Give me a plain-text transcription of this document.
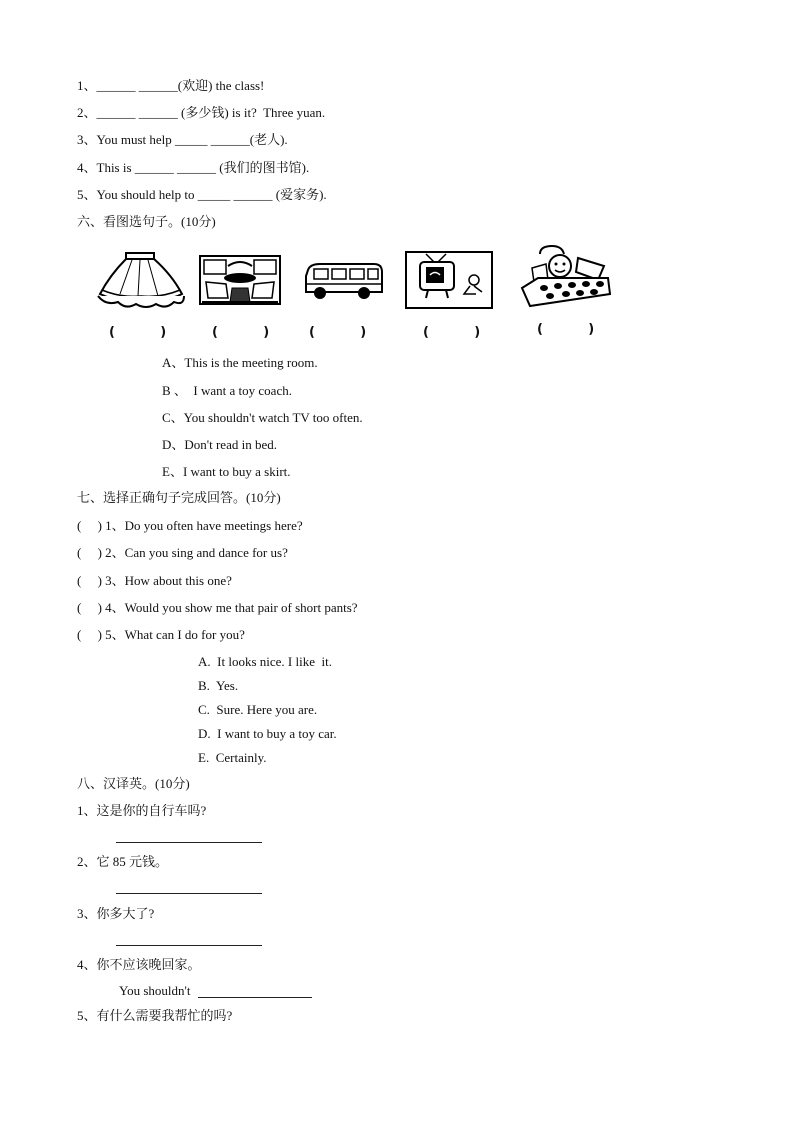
1、______ ______(欢迎) the class!
2、______ ______ (多少钱) is it?  Three yuan.
3、You must help _____ ______(老人).
4、This is ______ ______ (我们的图书馆).
5、You should help to _____ ______ (爱家务).
六、看图选句子。(10分)
(          )	(          )	(          )	(          )	(          )
A、This is the meeting room.
B 、  I want a toy coach.
C、You shouldn't watch TV too often.
D、Don't read in bed.
E、I want to buy a skirt.
七、选择正确句子完成回答。(10分)
(     ) 1、Do you often have meetings here?
(     ) 2、Can you sing and dance for us?
(     ) 3、How about this one?
(     ) 4、Would you show me that pair of short pants?
(     ) 5、What can I do for you?
A.  It looks nice. I like  it.
B.  Yes.
C.  Sure. Here you are.
D.  I want to buy a toy car.
E.  Certainly.
八、汉译英。(10分)
1、这是你的自行车吗?
2、它 85 元钱。
3、你多大了?
4、你不应该晚回家。
You shouldn't
5、有什么需要我帮忙的吗?
